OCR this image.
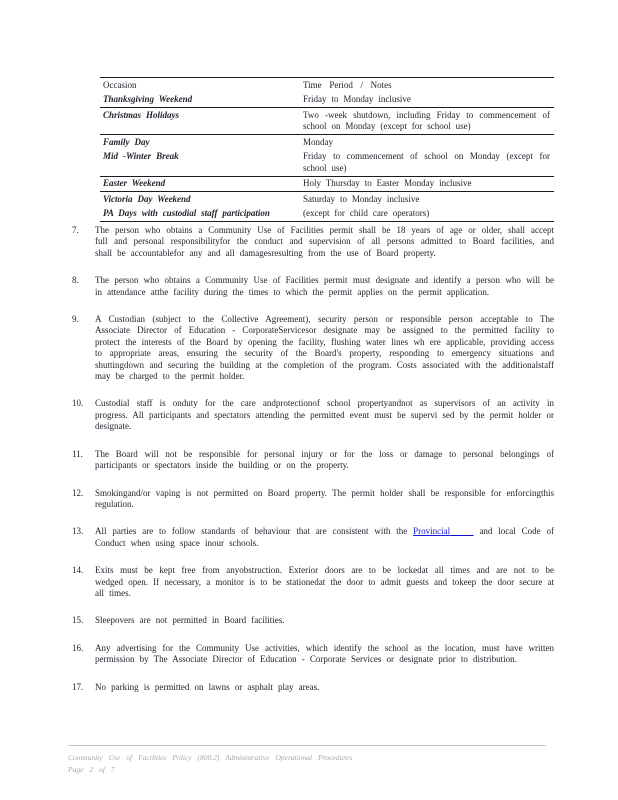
Occasion	Time Period / Notes
Thanksgiving Weekend	Friday to Monday inclusive
Christmas Holidays	Two -week shutdown, including Friday to commencement of school on Monday (except for school use)
Family Day	Monday
Mid -Winter Break	Friday to commencement of school on Monday (except for school use)
Easter Weekend	Holy Thursday to Easter Monday inclusive
Victoria Day Weekend	Saturday to Monday inclusive
PA Days with custodial staff participation	(except for child care operators)
7.	The person who obtains a Community Use of Facilities permit shall be 18 years of age or older, shall accept full and personal responsibilityfor the conduct and supervision of all persons admitted to Board facilities, and shall be accountablefor any and all damagesresulting from the use of Board property.
8.	The person who obtains a Community Use of Facilities permit must designate and identify a person who will be in attendance atthe facility during the times to which the permit applies on the permit application.
9.	A Custodian (subject to the Collective Agreement), security person or responsible person acceptable to The Associate Director of Education - CorporateServicesor designate may be assigned to the permitted facility to protect the interests of the Board by opening the facility, flushing water lines wh ere applicable, providing access to appropriate areas, ensuring the security of the Board's property, responding to emergency situations and shuttingdown and securing the building at the completion of the program. Costs associated with the additionalstaff may be charged to the permit holder.
10.	Custodial staff is onduty for the care andprotectionof school propertyandnot as supervisors of an activity in progress. All participants and spectators attending the permitted event must be supervi sed by the permit holder or designate.
11.	The Board will not be responsible for personal injury or for the loss or damage to personal belongings of participants or spectators inside the building or on the property.
12.	Smokingand/or vaping is not permitted on Board property. The permit holder shall be responsible for enforcingthis regulation.
13.	All parties are to follow standards of behaviour that are consistent with the Provincial	and local Code of Conduct when using space inour schools.
14.	Exits must be kept free from anyobstruction. Exterior doors are to be lockedat all times and are not to be wedged open. If necessary, a monitor is to be stationedat the door to admit guests and tokeep the door secure at all times.
15.	Sleepovers are not permitted in Board facilities.
16.	Any advertising for the Community Use activities, which identify the school as the location, must have written permission by The Associate Director of Education - Corporate Services or designate prior to distribution.
17.	No parking is permitted on lawns or asphalt play areas.
Community Use of Facilities Policy (800.2) Administrative Operational Procedures
Page 2 of 7
